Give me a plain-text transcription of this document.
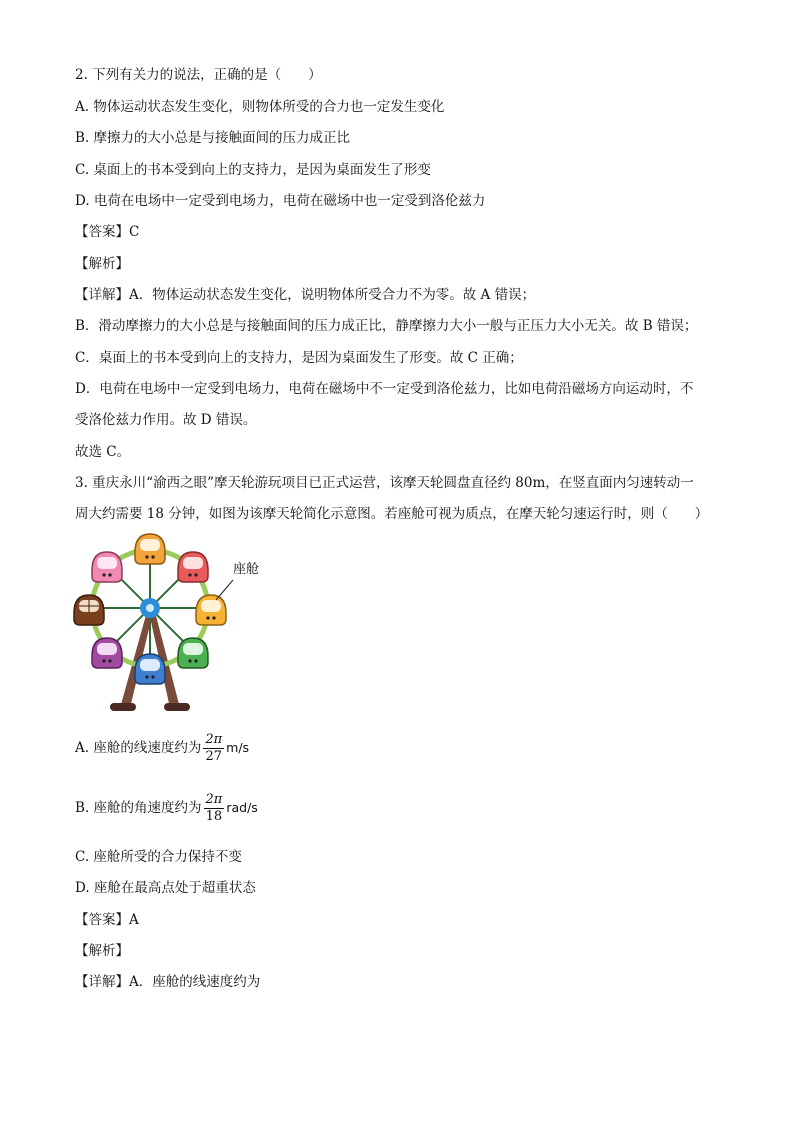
2. 下列有关力的说法，正确的是（　　）
A. 物体运动状态发生变化，则物体所受的合力也一定发生变化
B. 摩擦力的大小总是与接触面间的压力成正比
C. 桌面上的书本受到向上的支持力，是因为桌面发生了形变
D. 电荷在电场中一定受到电场力，电荷在磁场中也一定受到洛伦兹力
【答案】C
【解析】
【详解】A．物体运动状态发生变化，说明物体所受合力不为零。故 A 错误；
B．滑动摩擦力的大小总是与接触面间的压力成正比，静摩擦力大小一般与正压力大小无关。故 B 错误；
C．桌面上的书本受到向上的支持力，是因为桌面发生了形变。故 C 正确；
D．电荷在电场中一定受到电场力，电荷在磁场中不一定受到洛伦兹力，比如电荷沿磁场方向运动时，不
受洛伦兹力作用。故 D 错误。
故选 C。
3. 重庆永川“渝西之眼”摩天轮游玩项目已正式运营，该摩天轮圆盘直径约 80m，在竖直面内匀速转动一
周大约需要 18 分钟，如图为该摩天轮简化示意图。若座舱可视为质点，在摩天轮匀速运行时，则（　　）
座舱
A. 座舱的线速度约为 $\frac{2\pi}{27} m/s$
B. 座舱的角速度约为 $\frac{2\pi}{18} rad/s$
C. 座舱所受的合力保持不变
D. 座舱在最高点处于超重状态
【答案】A
【解析】
【详解】A．座舱的线速度约为
